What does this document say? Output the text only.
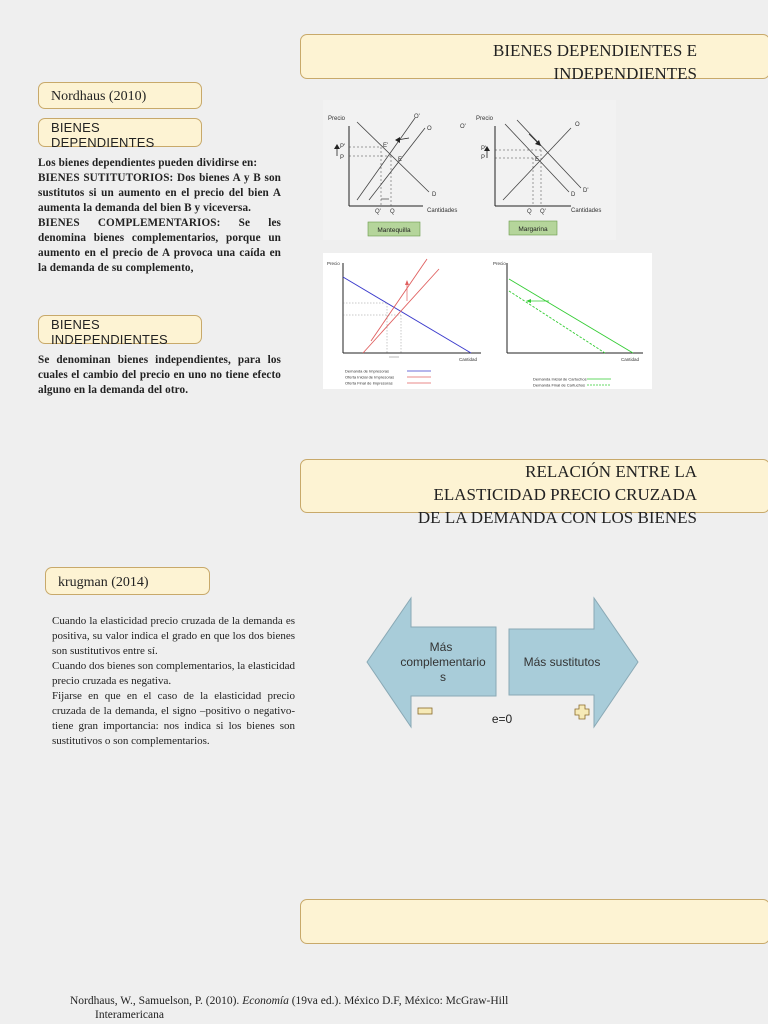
BIENES DEPENDIENTES E
INDEPENDIENTES
Nordhaus (2010)
BIENES
DEPENDIENTES

Los bienes dependientes pueden dividirse en:

BIENES SUTITUTORIOS: Dos bienes A y B son sustitutos si un aumento en el precio del bien A aumenta la demanda del bien B y viceversa.

BIENES COMPLEMENTARIOS: Se les denomina bienes complementarios, porque un aumento en el precio de A provoca una caída en la demanda de su complemento,

BIENES
INDEPENDIENTES

Se denominan bienes independientes, para los cuales el cambio del precio en uno no tiene efecto alguno en la demanda del otro.

Precio	O'
O
P'
P
E'
E
D
Q' Q	Cantidades
Mantequilla
Precio
O'	O
P'
P	E
D
D'
Q Q'	Cantidades
Margarina
Precio
Cantidad
Demanda de Impresoras
Oferta Inicial de Impresoras
Oferta Final de Impresoras
Precio
Cantidad
Demanda Inicial de Cartuchos
Demanda Final de Cartuchos
RELACIÓN ENTRE LA
ELASTICIDAD PRECIO CRUZADA
DE LA DEMANDA CON LOS BIENES
krugman (2014)

Cuando la elasticidad precio cruzada de la demanda es positiva, su valor indica el grado en que los dos bienes son sustitutivos entre sí.

Cuando dos bienes son complementarios, la elasticidad precio cruzada es negativa.

Fijarse en que en el caso de la elasticidad precio cruzada de la demanda, el signo –positivo o negativo- tiene gran importancia: nos indica si los bienes son sustitutivos o son complementarios.

Más
complementario
s
Más sustitutos
e=0
Nordhaus, W., Samuelson, P. (2010). Economía (19va ed.). México D.F, México: McGraw-Hill
Interamericana
